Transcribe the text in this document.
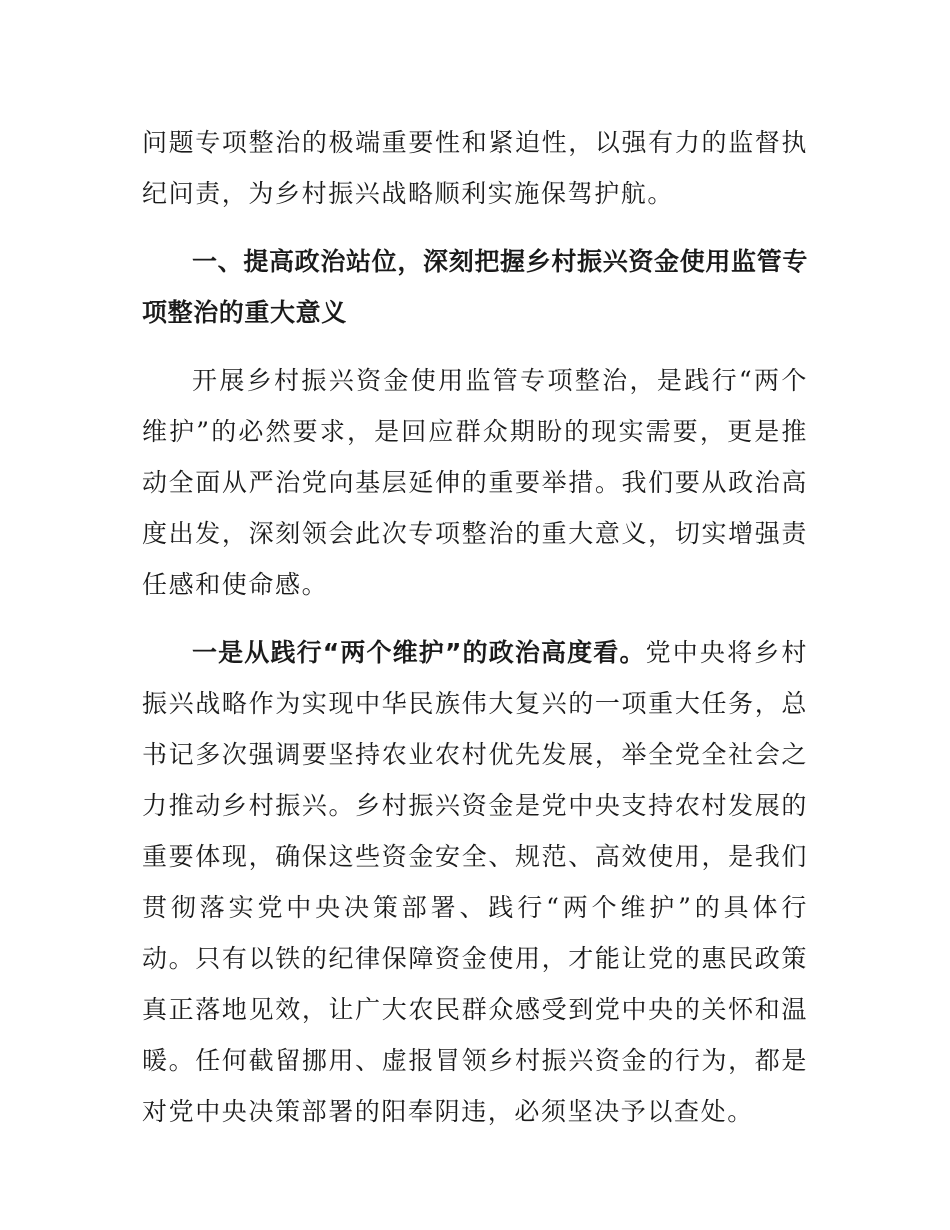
问题专项整治的极端重要性和紧迫性，以强有力的监督执纪问责，为乡村振兴战略顺利实施保驾护航。

一、提高政治站位，深刻把握乡村振兴资金使用监管专项整治的重大意义

开展乡村振兴资金使用监管专项整治，是践行“两个维护”的必然要求，是回应群众期盼的现实需要，更是推动全面从严治党向基层延伸的重要举措。我们要从政治高度出发，深刻领会此次专项整治的重大意义，切实增强责任感和使命感。

一是从践行“两个维护”的政治高度看。党中央将乡村振兴战略作为实现中华民族伟大复兴的一项重大任务，总书记多次强调要坚持农业农村优先发展，举全党全社会之力推动乡村振兴。乡村振兴资金是党中央支持农村发展的重要体现，确保这些资金安全、规范、高效使用，是我们贯彻落实党中央决策部署、践行“两个维护”的具体行动。只有以铁的纪律保障资金使用，才能让党的惠民政策真正落地见效，让广大农民群众感受到党中央的关怀和温暖。任何截留挪用、虚报冒领乡村振兴资金的行为，都是对党中央决策部署的阳奉阴违，必须坚决予以查处。
